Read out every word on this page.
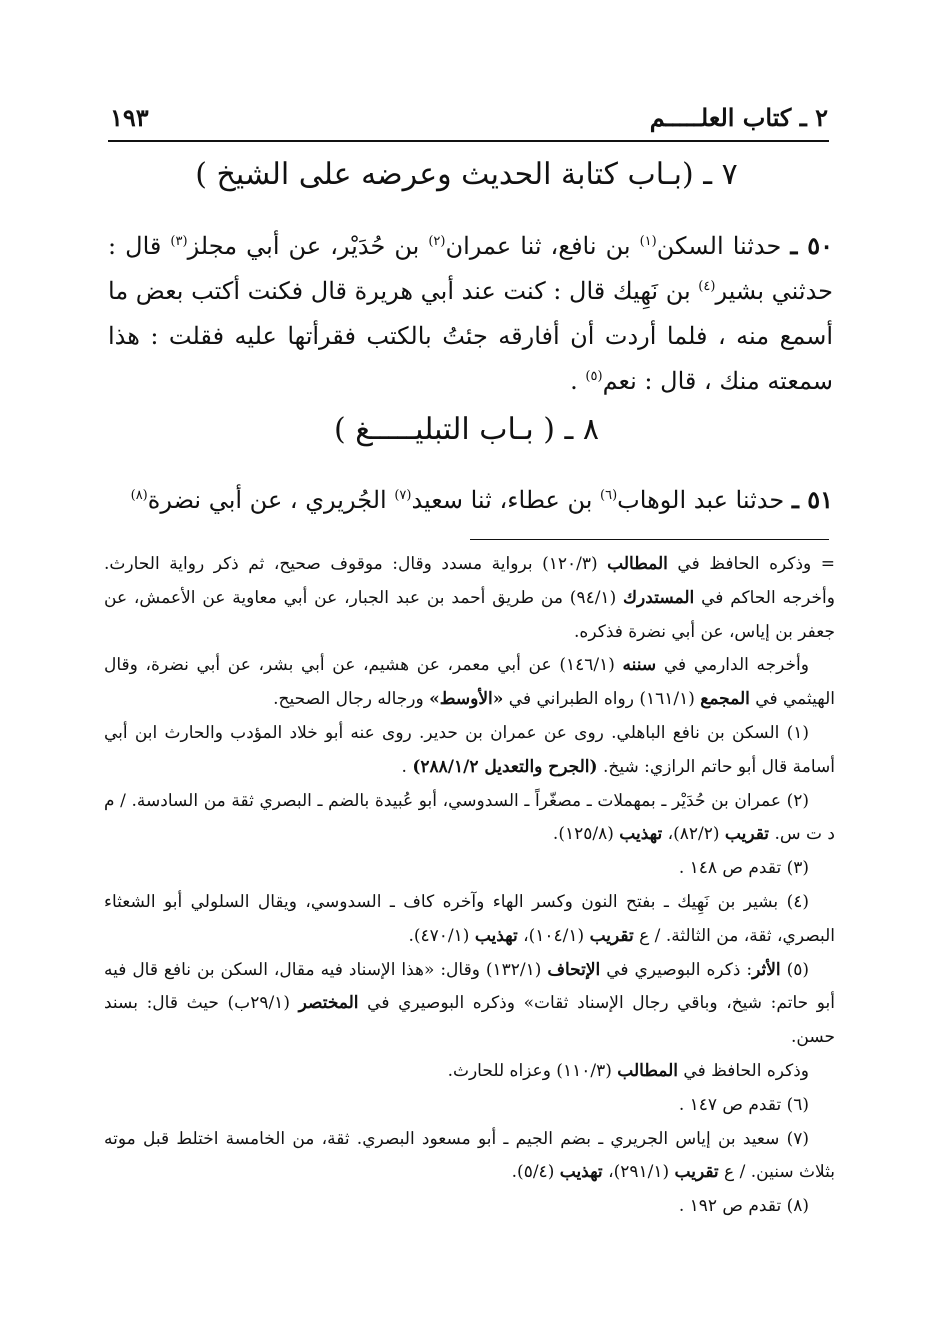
٢ ـ كتاب العلـــــم
١٩٣
٧ ـ (بـاب كتابة الحديث وعرضه على الشيخ )
٥٠ ـ حدثنا السكن$^{(١)}$ بن نافع، ثنا عمران$^{(٢)}$ بن حُدَيْر، عن أبي مجلز$^{(٣)}$ قال : حدثني بشير$^{(٤)}$ بن نَهِيك قال : كنت عند أبي هريرة قال فكنت أكتب بعض ما أسمع منه ، فلما أردت أن أفارقه جئتُ بالكتب فقرأتها عليه فقلت : هذا سمعته منك ، قال : نعم$^{(٥)}$ .
٨ ـ ( بـاب التبليـــــغ )
٥١ ـ حدثنا عبد الوهاب$^{(٦)}$ بن عطاء، ثنا سعيد$^{(٧)}$ الجُريري ، عن أبي نضرة$^{(٨)}$

= وذكره الحافظ في المطالب (١٢٠/٣) برواية مسدد وقال: موقوف صحيح، ثم ذكر رواية الحارث. وأخرجه الحاكم في المستدرك (٩٤/١) من طريق أحمد بن عبد الجبار، عن أبي معاوية عن الأعمش، عن جعفر بن إياس، عن أبي نضرة فذكره.

وأخرجه الدارمي في سننه (١٤٦/١) عن أبي معمر، عن هشيم، عن أبي بشر، عن أبي نضرة، وقال الهيثمي في المجمع (١٦١/١) رواه الطبراني في «الأوسط» ورجاله رجال الصحيح.

(١) السكن بن نافع الباهلي. روى عن عمران بن حدير. روى عنه أبو خلاد المؤدب والحارث ابن أبي أسامة قال أبو حاتم الرازي: شيخ. (الجرح والتعديل ٢٨٨/١/٢) .

(٢) عمران بن حُدَيْر ـ بمهملات ـ مصغّراً ـ السدوسي، أبو عُبيدة بالضم ـ البصري ثقة من السادسة. / م د ت س. تقريب (٨٢/٢)، تهذيب (١٢٥/٨).

(٣) تقدم ص ١٤٨ .

(٤) بشير بن نَهِيك ـ بفتح النون وكسر الهاء وآخره كاف ـ السدوسي، ويقال السلولي أبو الشعثاء البصري، ثقة، من الثالثة. / ع تقريب (١٠٤/١)، تهذيب (٤٧٠/١).

(٥) الأثر: ذكره البوصيري في الإتحاف (١٣٢/١) وقال: «هذا الإسناد فيه مقال، السكن بن نافع قال فيه أبو حاتم: شيخ، وباقي رجال الإسناد ثقات» وذكره البوصيري في المختصر (٢٩/١ب) حيث قال: بسند حسن.

وذكره الحافظ في المطالب (١١٠/٣) وعزاه للحارث.

(٦) تقدم ص ١٤٧ .

(٧) سعيد بن إياس الجريري ـ بضم الجيم ـ أبو مسعود البصري. ثقة، من الخامسة اختلط قبل موته بثلاث سنين. / ع تقريب (٢٩١/١)، تهذيب (٥/٤).

(٨) تقدم ص ١٩٢ .
